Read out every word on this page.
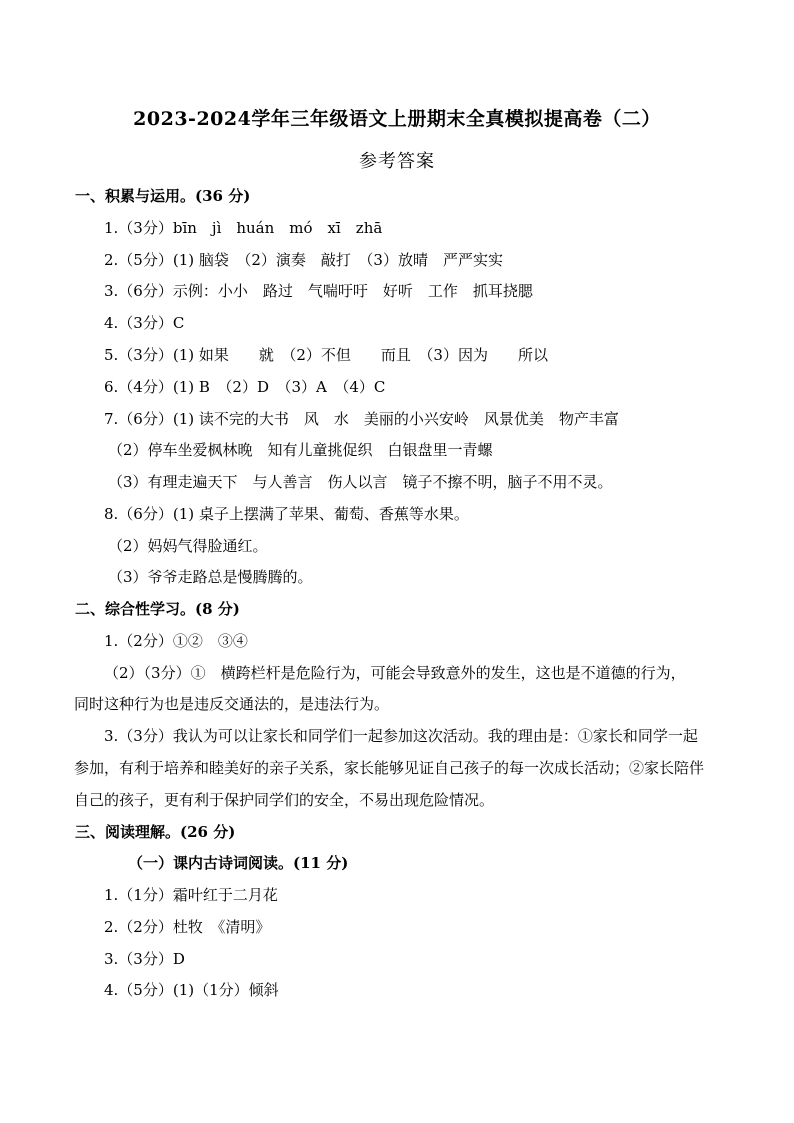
2023-2024学年三年级语文上册期末全真模拟提高卷（二）
参考答案
一、积累与运用。(36 分)
1.（3分）bīn　jì　huán　mó　xī　zhā
2.（5分）(1) 脑袋　（2）演奏　敲打　（3）放晴　严严实实
3.（6分）示例：小小　路过　气喘吁吁　好听　工作　抓耳挠腮
4.（3分）C
5.（3分）(1) 如果　　就　（2）不但　　而且　（3）因为　　所以
6.（4分）(1) B　（2）D　（3）A　（4）C
7.（6分）(1) 读不完的大书　风　水　美丽的小兴安岭　风景优美　物产丰富
（2）停车坐爱枫林晚　知有儿童挑促织　白银盘里一青螺
（3）有理走遍天下　与人善言　伤人以言　镜子不擦不明，脑子不用不灵。
8.（6分）(1) 桌子上摆满了苹果、葡萄、香蕉等水果。
（2）妈妈气得脸通红。
（3）爷爷走路总是慢腾腾的。
二、综合性学习。(8 分)
1.（2分）①②　③④
（2）（3分）①　横跨栏杆是危险行为，可能会导致意外的发生，这也是不道德的行为，
同时这种行为也是违反交通法的，是违法行为。
3.（3分）我认为可以让家长和同学们一起参加这次活动。我的理由是：①家长和同学一起
参加，有利于培养和睦美好的亲子关系，家长能够见证自己孩子的每一次成长活动；②家长陪伴
自己的孩子，更有利于保护同学们的安全，不易出现危险情况。
三、阅读理解。(26 分)
（一）课内古诗词阅读。(11 分)
1.（1分）霜叶红于二月花
2.（2分）杜牧　《清明》
3.（3分）D
4.（5分）(1)（1分）倾斜
